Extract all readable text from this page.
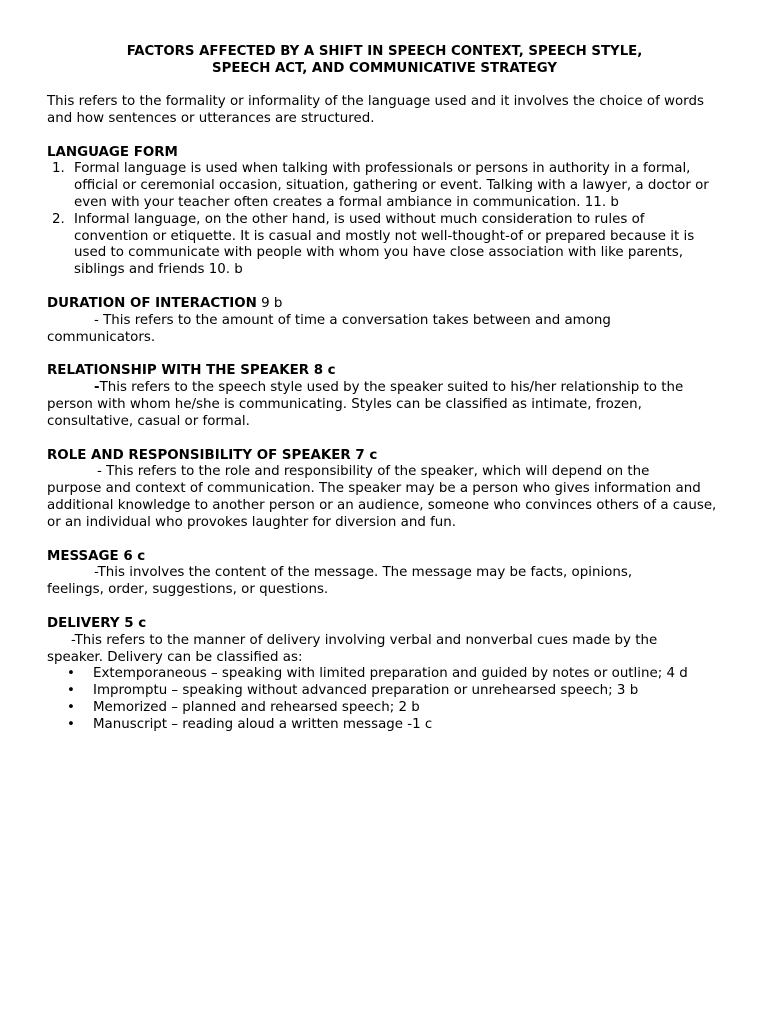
FACTORS AFFECTED BY A SHIFT IN SPEECH CONTEXT, SPEECH STYLE,
SPEECH ACT, AND COMMUNICATIVE STRATEGY

This refers to the formality or informality of the language used and it involves the choice of words and how sentences or utterances are structured.

LANGUAGE FORM
1. Formal language is used when talking with professionals or persons in authority in a formal, official or ceremonial occasion, situation, gathering or event. Talking with a lawyer, a doctor or even with your teacher often creates a formal ambiance in communication. 11. b
2. Informal language, on the other hand, is used without much consideration to rules of convention or etiquette. It is casual and mostly not well-thought-of or prepared because it is used to communicate with people with whom you have close association with like parents, siblings and friends 10. b
DURATION OF INTERACTION 9 b

- This refers to the amount of time a conversation takes between and among

communicators.

RELATIONSHIP WITH THE SPEAKER 8 c

-This refers to the speech style used by the speaker suited to his/her relationship to the

person with whom he/she is communicating. Styles can be classified as intimate, frozen, consultative, casual or formal.

ROLE AND RESPONSIBILITY OF SPEAKER 7 c

- This refers to the role and responsibility of the speaker, which will depend on the

purpose and context of communication. The speaker may be a person who gives information and additional knowledge to another person or an audience, someone who convinces others of a cause, or an individual who provokes laughter for diversion and fun.

MESSAGE 6 c

-This involves the content of the message. The message may be facts, opinions,

feelings, order, suggestions, or questions.

DELIVERY 5 c

-This refers to the manner of delivery involving verbal and nonverbal cues made by the

speaker. Delivery can be classified as:

•	Extemporaneous – speaking with limited preparation and guided by notes or outline; 4 d
•	Impromptu – speaking without advanced preparation or unrehearsed speech; 3 b
•	Memorized – planned and rehearsed speech; 2 b
•	Manuscript – reading aloud a written message -1 c
